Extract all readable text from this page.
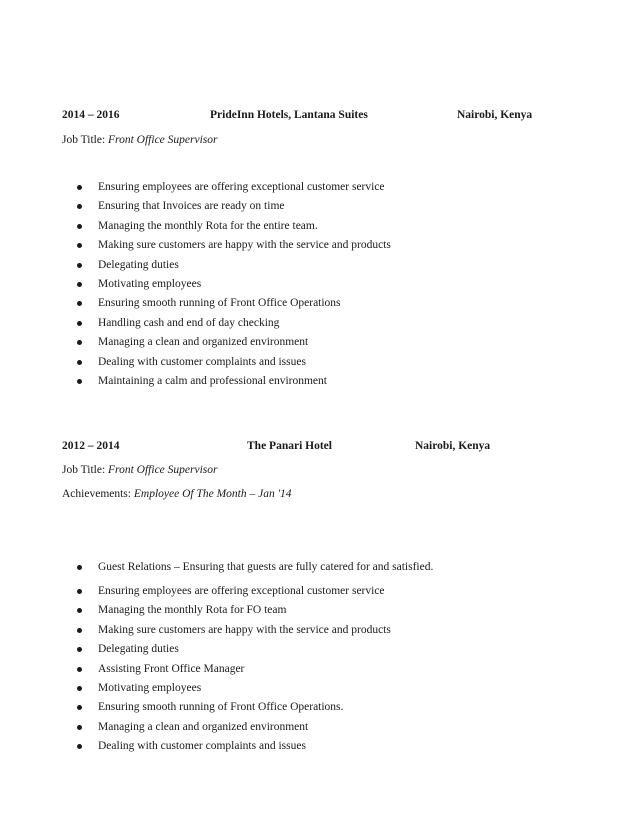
2014 – 2016	PrideInn Hotels, Lantana Suites	Nairobi, Kenya
Job Title: Front Office Supervisor
Ensuring employees are offering exceptional customer service
Ensuring that Invoices are ready on time
Managing the monthly Rota for the entire team.
Making sure customers are happy with the service and products
Delegating duties
Motivating employees
Ensuring smooth running of Front Office Operations
Handling cash and end of day checking
Managing a clean and organized environment
Dealing with customer complaints and issues
Maintaining a calm and professional environment
2012 – 2014	The Panari Hotel	Nairobi, Kenya
Job Title: Front Office Supervisor
Achievements: Employee Of The Month – Jan '14
Guest Relations – Ensuring that guests are fully catered for and satisfied.
Ensuring employees are offering exceptional customer service
Managing the monthly Rota for FO team
Making sure customers are happy with the service and products
Delegating duties
Assisting Front Office Manager
Motivating employees
Ensuring smooth running of Front Office Operations.
Managing a clean and organized environment
Dealing with customer complaints and issues
